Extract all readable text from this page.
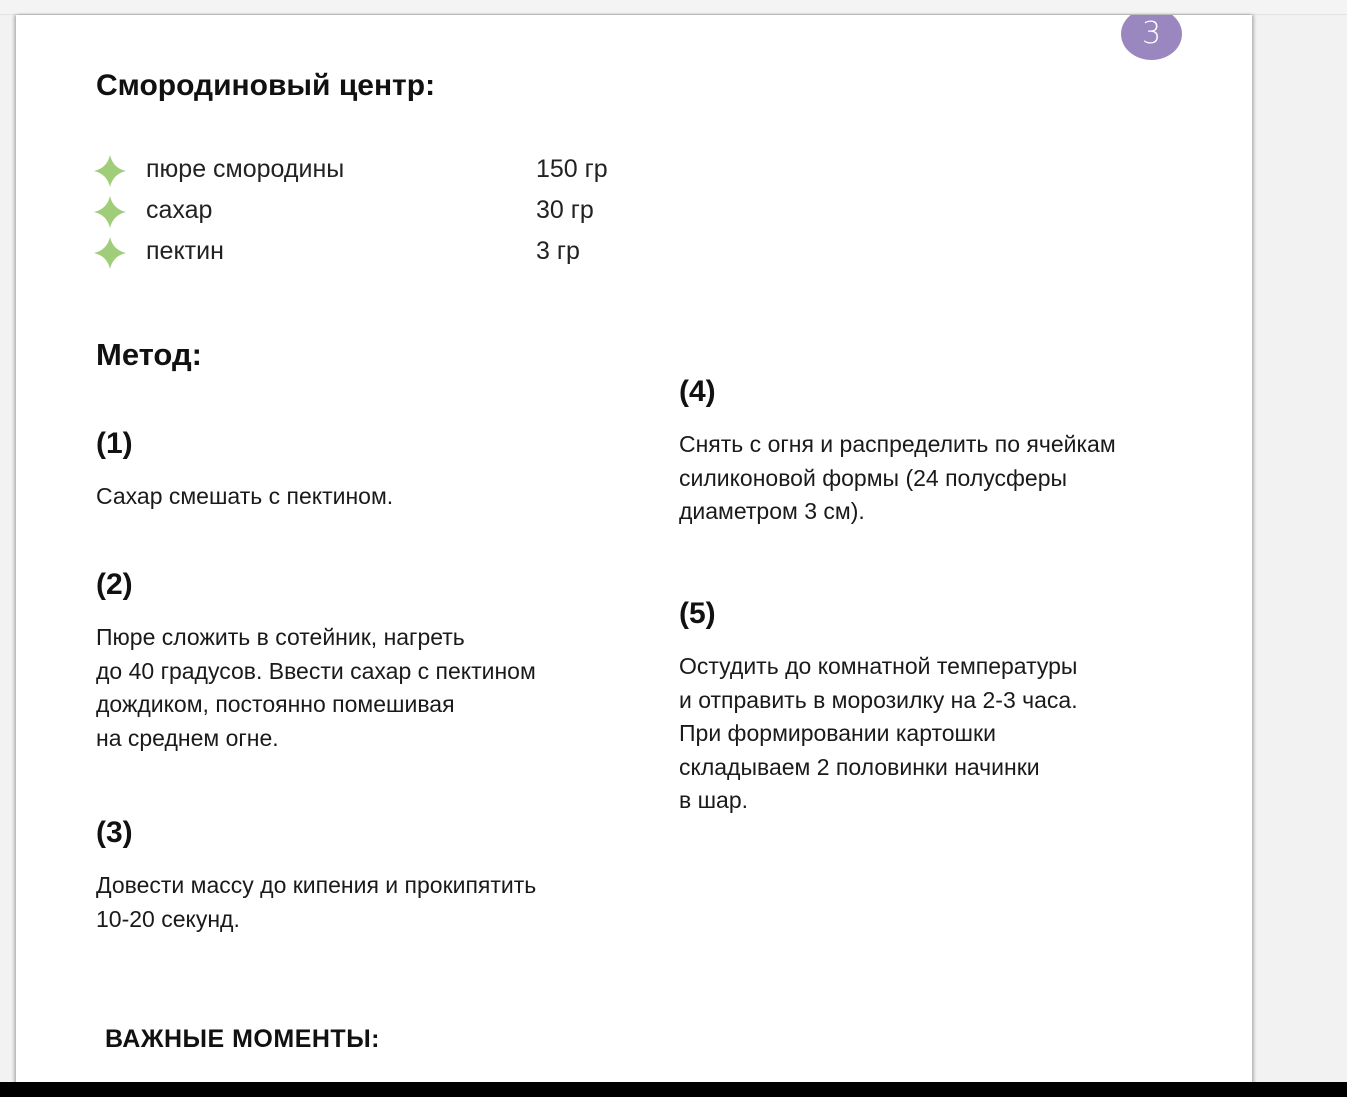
3
Смородиновый центр:
пюре смородины	150 гр
сахар	30 гр
пектин	3 гр
Метод:

(1)

Сахар смешать с пектином.

(2)

Пюре сложить в сотейник, нагреть
до 40 градусов. Ввести сахар с пектином
дождиком, постоянно помешивая
на среднем огне.

(3)

Довести массу до кипения и прокипятить
10-20 секунд.

(4)

Снять с огня и распределить по ячейкам
силиконовой формы (24 полусферы
диаметром 3 см).

(5)

Остудить до комнатной температуры
и отправить в морозилку на 2-3 часа.
При формировании картошки
складываем 2 половинки начинки
в шар.

ВАЖНЫЕ МОМЕНТЫ:
